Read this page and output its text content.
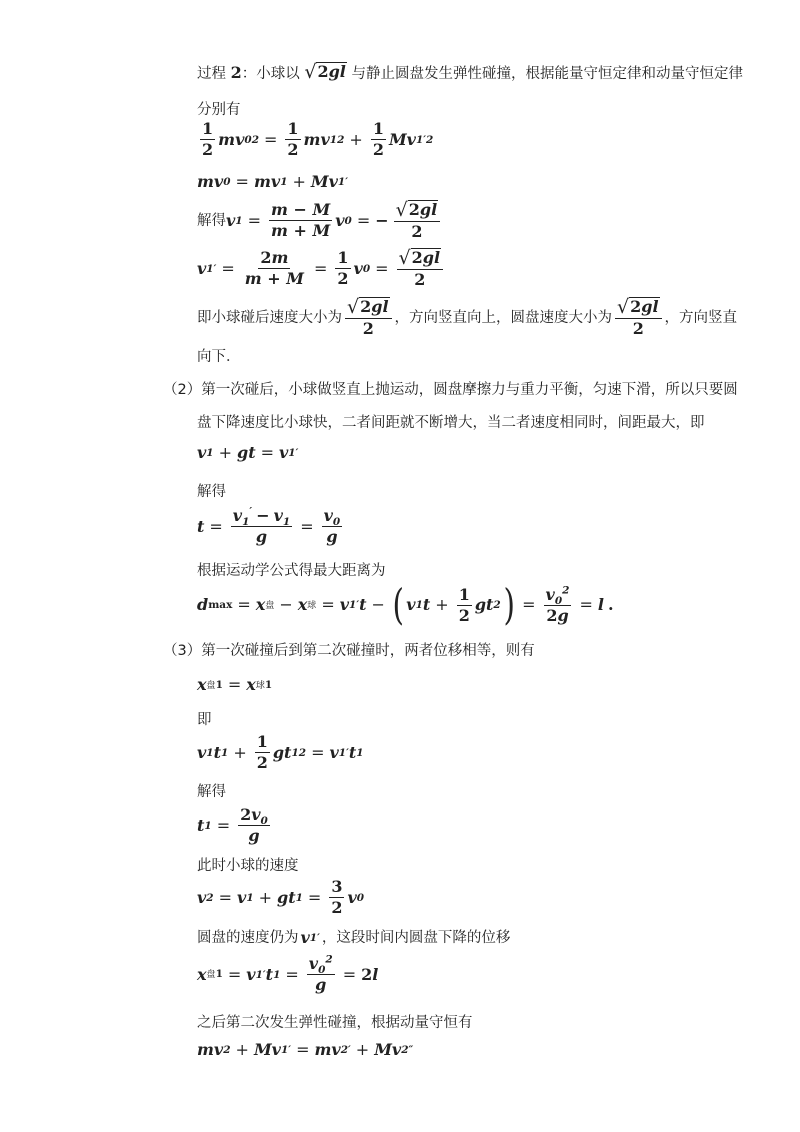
过程 2：小球以 √ 2gl 与静止圆盘发生弹性碰撞，根据能量守恒定律和动量守恒定律
分别有
$\frac{1}{2}$ mv 0 $2 = \frac{1}{2}$ mv 1 $2 + \frac{1}{2}$ Mv 1 ′2
mv 0 = mv 1 + Mv 1 ′
解得 v $1 = \frac{m - M}{m + M}$ v 0 = − $\frac{√ 2gl}{2}$
v 1 ′ = $\frac{2m}{m + M} = \frac{1}{2}$ v $0 = \frac{√ 2gl}{2}$
即小球碰后速度大小为 $\frac{√ 2gl}{2}$ ，方向竖直向上，圆盘速度大小为 $\frac{√ 2gl}{2}$ ，方向竖直
向下．
（2）第一次碰后，小球做竖直上抛运动，圆盘摩擦力与重力平衡，匀速下滑，所以只要圆
盘下降速度比小球快，二者间距就不断增大，当二者速度相同时，间距最大，即
v 1 + gt = v 1 ′
解得
$t = \frac{v_1' - v_1}{g} = \frac{v_0}{g}$
根据运动学公式得最大距离为
d max = x 盘 − x 球 = v 1 ′ t − ( v 1 $t + \frac{1}{2}$ gt 2 ) = $\frac{v_0^2}{2g} = l$ .
（3）第一次碰撞后到第二次碰撞时，两者位移相等，则有
x 盘1 = x 球1
即
v 1 t $1 + \frac{1}{2}$ gt 1 2 = v 1 ′ t 1
解得
t $1 = \frac{2v_0}{g}$
此时小球的速度
v 2 = v 1 + gt $1 = \frac{3}{2}$ v 0
圆盘的速度仍为 v 1 ′ ，这段时间内圆盘下降的位移
x 盘1 = v 1 ′ t $1 = \frac{v_0^2}{g} = 2$ l
之后第二次发生弹性碰撞，根据动量守恒有
mv 2 + Mv 1 ′ = mv 2 ′ + Mv 2 ″
